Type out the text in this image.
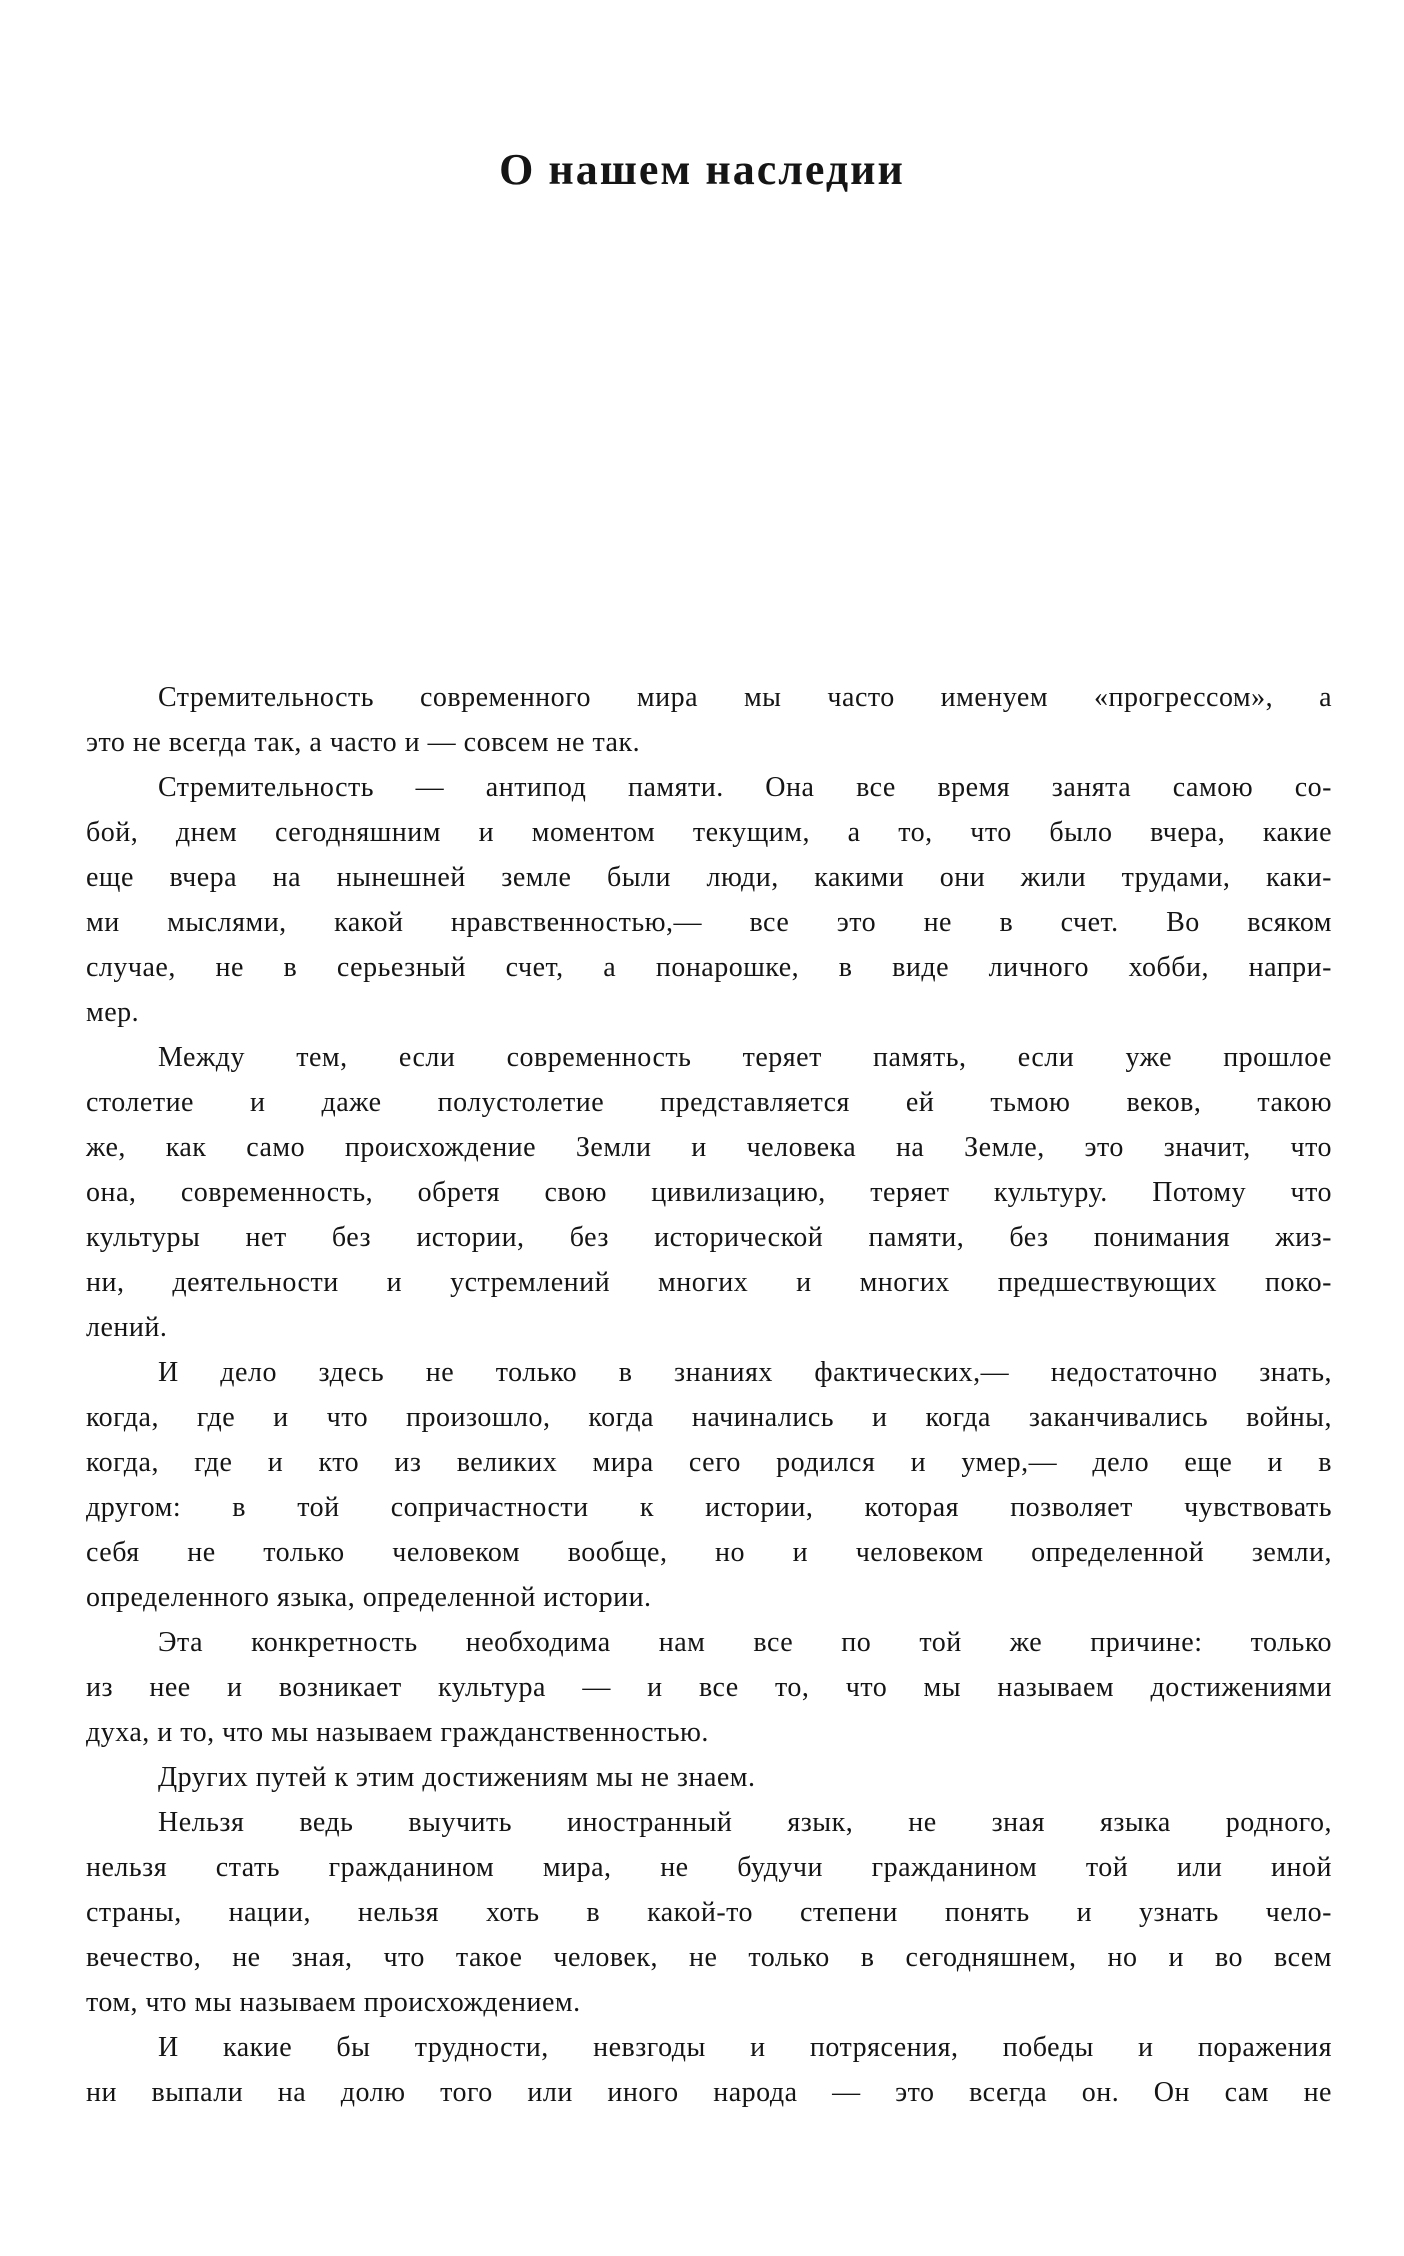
О нашем наследии
Стремительность современного мира мы часто именуем «прогрессом», а
это не всегда так, а часто и — совсем не так.
Стремительность — антипод памяти. Она все время занята самою со-
бой, днем сегодняшним и моментом текущим, а то, что было вчера, какие
еще вчера на нынешней земле были люди, какими они жили трудами, каки-
ми мыслями, какой нравственностью,— все это не в счет. Во всяком
случае, не в серьезный счет, а понарошке, в виде личного хобби, напри-
мер.
Между тем, если современность теряет память, если уже прошлое
столетие и даже полустолетие представляется ей тьмою веков, такою
же, как само происхождение Земли и человека на Земле, это значит, что
она, современность, обретя свою цивилизацию, теряет культуру. Потому что
культуры нет без истории, без исторической памяти, без понимания жиз-
ни, деятельности и устремлений многих и многих предшествующих поко-
лений.
И дело здесь не только в знаниях фактических,— недостаточно знать,
когда, где и что произошло, когда начинались и когда заканчивались войны,
когда, где и кто из великих мира сего родился и умер,— дело еще и в
другом: в той сопричастности к истории, которая позволяет чувствовать
себя не только человеком вообще, но и человеком определенной земли,
определенного языка, определенной истории.
Эта конкретность необходима нам все по той же причине: только
из нее и возникает культура — и все то, что мы называем достижениями
духа, и то, что мы называем гражданственностью.
Других путей к этим достижениям мы не знаем.
Нельзя ведь выучить иностранный язык, не зная языка родного,
нельзя стать гражданином мира, не будучи гражданином той или иной
страны, нации, нельзя хоть в какой-то степени понять и узнать чело-
вечество, не зная, что такое человек, не только в сегодняшнем, но и во всем
том, что мы называем происхождением.
И какие бы трудности, невзгоды и потрясения, победы и поражения
ни выпали на долю того или иного народа — это всегда он. Он сам не
